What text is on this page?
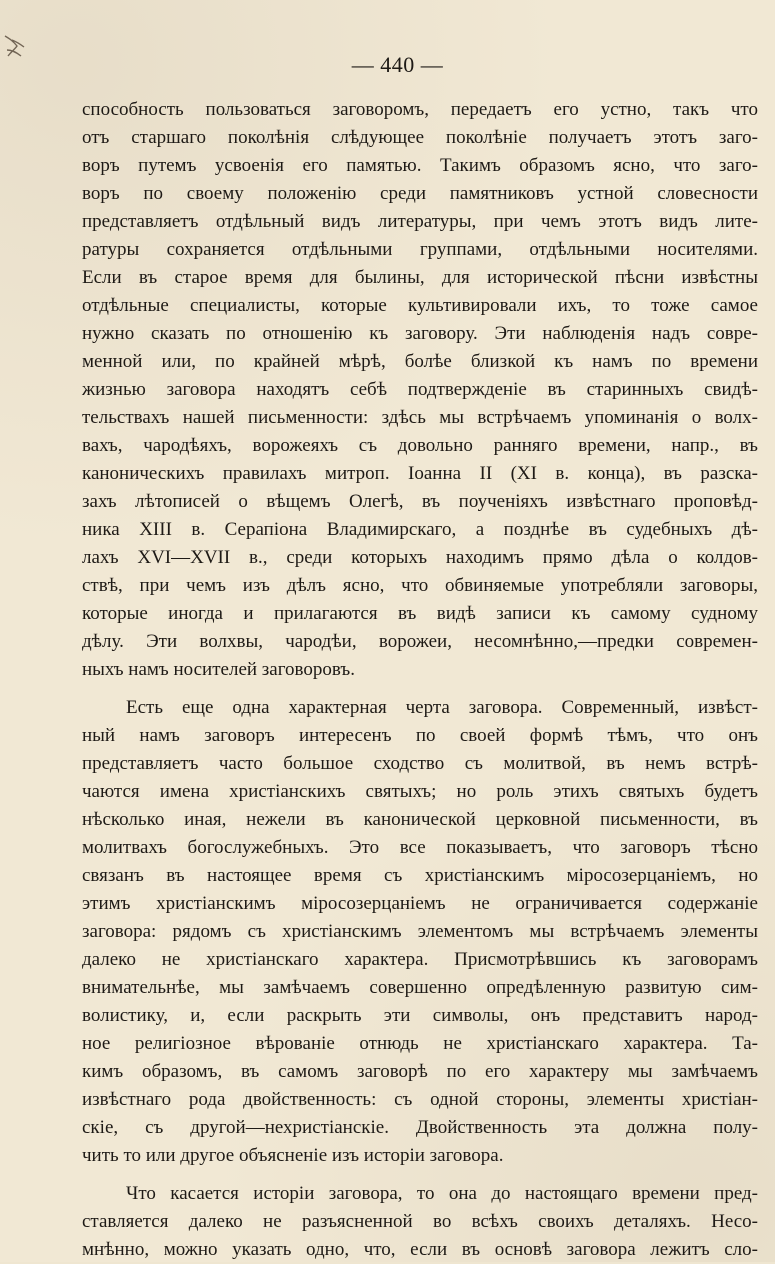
— 440 —
способность пользоваться заговоромъ, передаетъ его устно, такъ что
отъ старшаго поколѣнія слѣдующее поколѣніе получаетъ этотъ заго-
воръ путемъ усвоенія его памятью. Такимъ образомъ ясно, что заго-
воръ по своему положенію среди памятниковъ устной словесности
представляетъ отдѣльный видъ литературы, при чемъ этотъ видъ лите-
ратуры сохраняется отдѣльными группами, отдѣльными носителями.
Если въ старое время для былины, для исторической пѣсни извѣстны
отдѣльные специалисты, которые культивировали ихъ, то тоже самое
нужно сказать по отношенію къ заговору. Эти наблюденія надъ совре-
менной или, по крайней мѣрѣ, болѣе близкой къ намъ по времени
жизнью заговора находятъ себѣ подтвержденіе въ старинныхъ свидѣ-
тельствахъ нашей письменности: здѣсь мы встрѣчаемъ упоминанія о волх-
вахъ, чародѣяхъ, ворожеяхъ съ довольно ранняго времени, напр., въ
каноническихъ правилахъ митроп. Іоанна II (XI в. конца), въ разска-
захъ лѣтописей о вѣщемъ Олегѣ, въ поученіяхъ извѣстнаго проповѣд-
ника XIII в. Серапіона Владимирскаго, а позднѣе въ судебныхъ дѣ-
лахъ XVI—XVII в., среди которыхъ находимъ прямо дѣла о колдов-
ствѣ, при чемъ изъ дѣлъ ясно, что обвиняемые употребляли заговоры,
которые иногда и прилагаются въ видѣ записи къ самому судному
дѣлу. Эти волхвы, чародѣи, ворожеи, несомнѣнно,—предки современ-
ныхъ намъ носителей заговоровъ.
Есть еще одна характерная черта заговора. Современный, извѣст-
ный намъ заговоръ интересенъ по своей формѣ тѣмъ, что онъ
представляетъ часто большое сходство съ молитвой, въ немъ встрѣ-
чаются имена христіанскихъ святыхъ; но роль этихъ святыхъ будетъ
нѣсколько иная, нежели въ канонической церковной письменности, въ
молитвахъ богослужебныхъ. Это все показываетъ, что заговоръ тѣсно
связанъ въ настоящее время съ христіанскимъ міросозерцаніемъ, но
этимъ христіанскимъ міросозерцаніемъ не ограничивается содержаніе
заговора: рядомъ съ христіанскимъ элементомъ мы встрѣчаемъ элементы
далеко не христіанскаго характера. Присмотрѣвшись къ заговорамъ
внимательнѣе, мы замѣчаемъ совершенно опредѣленную развитую сим-
волистику, и, если раскрыть эти символы, онъ представитъ народ-
ное религіозное вѣрованіе отнюдь не христіанскаго характера. Та-
кимъ образомъ, въ самомъ заговорѣ по его характеру мы замѣчаемъ
извѣстнаго рода двойственность: съ одной стороны, элементы христіан-
скіе, съ другой—нехристіанскіе. Двойственность эта должна полу-
чить то или другое объясненіе изъ исторіи заговора.
Что касается исторіи заговора, то она до настоящаго времени пред-
ставляется далеко не разъясненной во всѣхъ своихъ деталяхъ. Несо-
мнѣнно, можно указать одно, что, если въ основѣ заговора лежитъ сло-
